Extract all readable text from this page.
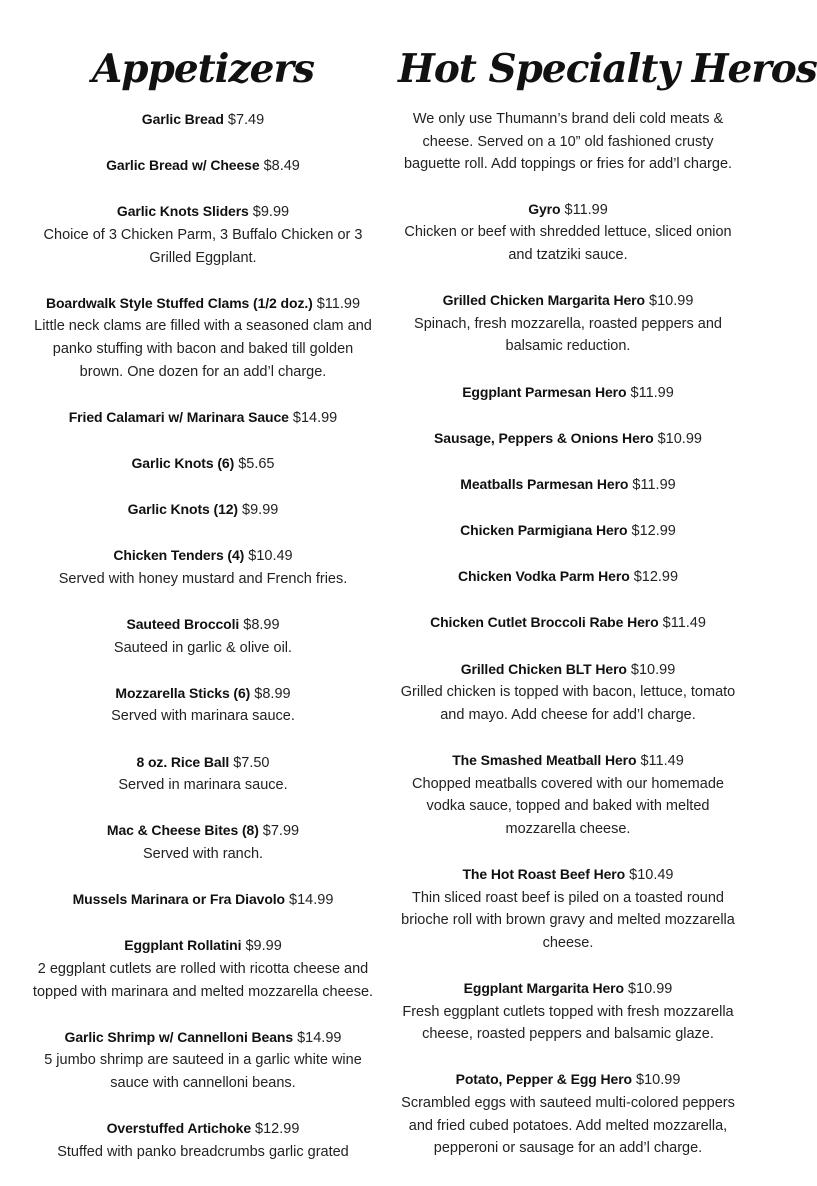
Appetizers

Garlic Bread $7.49

Garlic Bread w/ Cheese $8.49

Garlic Knots Sliders $9.99

Choice of 3 Chicken Parm, 3 Buffalo Chicken or 3 Grilled Eggplant.

Boardwalk Style Stuffed Clams (1/2 doz.) $11.99

Little neck clams are filled with a seasoned clam and panko stuffing with bacon and baked till golden brown. One dozen for an add’l charge.

Fried Calamari w/ Marinara Sauce $14.99

Garlic Knots (6) $5.65

Garlic Knots (12) $9.99

Chicken Tenders (4) $10.49

Served with honey mustard and French fries.

Sauteed Broccoli $8.99

Sauteed in garlic & olive oil.

Mozzarella Sticks (6) $8.99

Served with marinara sauce.

8 oz. Rice Ball $7.50

Served in marinara sauce.

Mac & Cheese Bites (8) $7.99

Served with ranch.

Mussels Marinara or Fra Diavolo $14.99

Eggplant Rollatini $9.99

2 eggplant cutlets are rolled with ricotta cheese and topped with marinara and melted mozzarella cheese.

Garlic Shrimp w/ Cannelloni Beans $14.99

5 jumbo shrimp are sauteed in a garlic white wine sauce with cannelloni beans.

Overstuffed Artichoke $12.99

Stuffed with panko breadcrumbs garlic grated

Hot Specialty Heros
We only use Thumann’s brand deli cold meats & cheese. Served on a 10” old fashioned crusty baguette roll. Add toppings or fries for add’l charge.

Gyro $11.99

Chicken or beef with shredded lettuce, sliced onion and tzatziki sauce.

Grilled Chicken Margarita Hero $10.99

Spinach, fresh mozzarella, roasted peppers and balsamic reduction.

Eggplant Parmesan Hero $11.99

Sausage, Peppers & Onions Hero $10.99

Meatballs Parmesan Hero $11.99

Chicken Parmigiana Hero $12.99

Chicken Vodka Parm Hero $12.99

Chicken Cutlet Broccoli Rabe Hero $11.49

Grilled Chicken BLT Hero $10.99

Grilled chicken is topped with bacon, lettuce, tomato and mayo. Add cheese for add’l charge.

The Smashed Meatball Hero $11.49

Chopped meatballs covered with our homemade vodka sauce, topped and baked with melted mozzarella cheese.

The Hot Roast Beef Hero $10.49

Thin sliced roast beef is piled on a toasted round brioche roll with brown gravy and melted mozzarella cheese.

Eggplant Margarita Hero $10.99

Fresh eggplant cutlets topped with fresh mozzarella cheese, roasted peppers and balsamic glaze.

Potato, Pepper & Egg Hero $10.99

Scrambled eggs with sauteed multi-colored peppers and fried cubed potatoes. Add melted mozzarella, pepperoni or sausage for an add’l charge.
